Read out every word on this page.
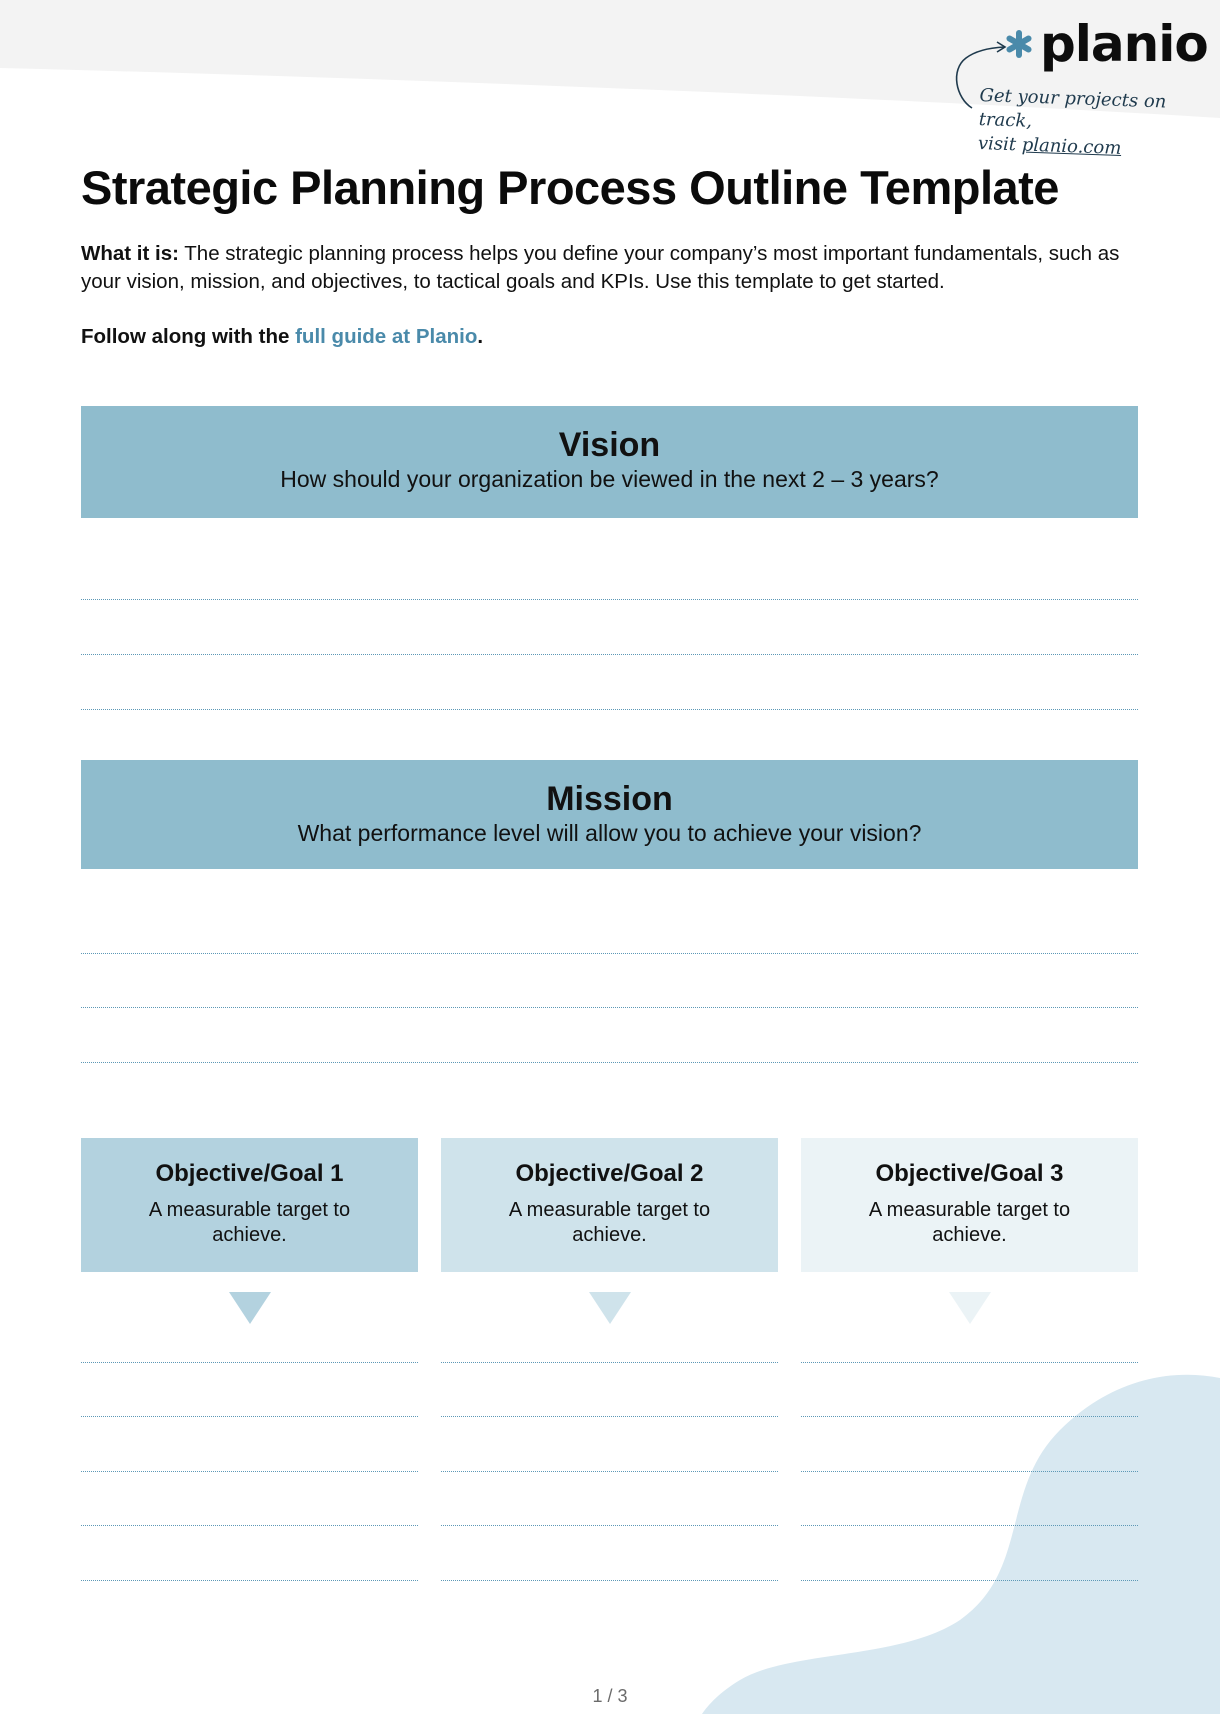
planio
Get your projects on track,
visit planio.com
Strategic Planning Process Outline Template

What it is: The strategic planning process helps you define your company’s most important fundamentals, such as your vision, mission, and objectives, to tactical goals and KPIs. Use this template to get started.

Follow along with the full guide at Planio.

Vision
How should your organization be viewed in the next 2 – 3 years?
Mission
What performance level will allow you to achieve your vision?
Objective/Goal 1
A measurable target to achieve.
Objective/Goal 2
A measurable target to achieve.
Objective/Goal 3
A measurable target to achieve.
1 / 3
